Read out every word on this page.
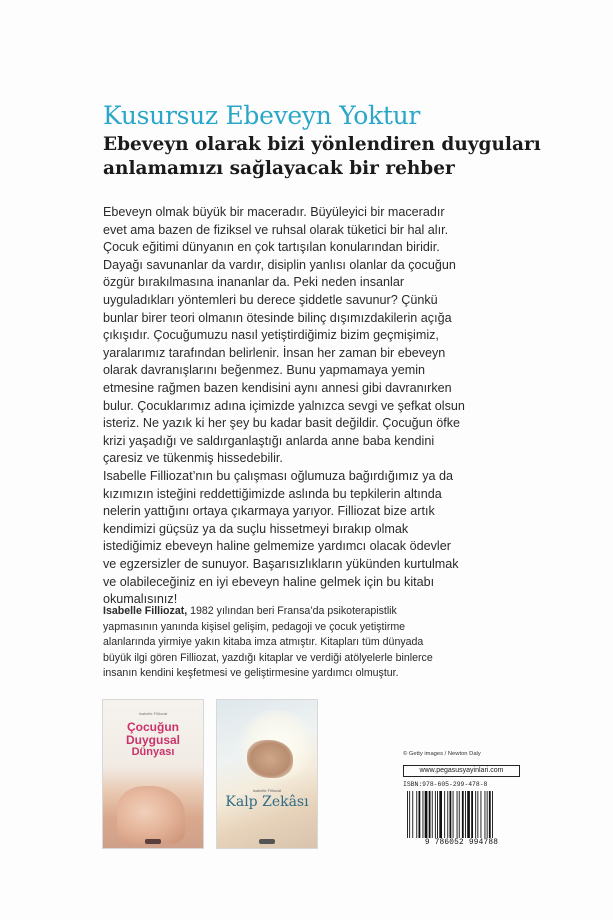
Kusursuz Ebeveyn Yoktur
Ebeveyn olarak bizi yönlendiren duyguları
anlamamızı sağlayacak bir rehber
Ebeveyn olmak büyük bir maceradır. Büyüleyici bir maceradır
evet ama bazen de fiziksel ve ruhsal olarak tüketici bir hal alır.
Çocuk eğitimi dünyanın en çok tartışılan konularından biridir.
Dayağı savunanlar da vardır, disiplin yanlısı olanlar da çocuğun
özgür bırakılmasına inananlar da. Peki neden insanlar
uyguladıkları yöntemleri bu derece şiddetle savunur? Çünkü
bunlar birer teori olmanın ötesinde bilinç dışımızdakilerin açığa
çıkışıdır. Çocuğumuzu nasıl yetiştirdiğimiz bizim geçmişimiz,
yaralarımız tarafından belirlenir. İnsan her zaman bir ebeveyn
olarak davranışlarını beğenmez. Bunu yapmamaya yemin
etmesine rağmen bazen kendisini aynı annesi gibi davranırken
bulur. Çocuklarımız adına içimizde yalnızca sevgi ve şefkat olsun
isteriz. Ne yazık ki her şey bu kadar basit değildir. Çocuğun öfke
krizi yaşadığı ve saldırganlaştığı anlarda anne baba kendini
çaresiz ve tükenmiş hissedebilir.
Isabelle Filliozat’nın bu çalışması oğlumuza bağırdığımız ya da
kızımızın isteğini reddettiğimizde aslında bu tepkilerin altında
nelerin yattığını ortaya çıkarmaya yarıyor. Filliozat bize artık
kendimizi güçsüz ya da suçlu hissetmeyi bırakıp olmak
istediğimiz ebeveyn haline gelmemize yardımcı olacak ödevler
ve egzersizler de sunuyor. Başarısızlıkların yükünden kurtulmak
ve olabileceğiniz en iyi ebeveyn haline gelmek için bu kitabı
okumalısınız!
Isabelle Filliozat, 1982 yılından beri Fransa’da psikoterapistlik
yapmasının yanında kişisel gelişim, pedagoji ve çocuk yetiştirme
alanlarında yirmiye yakın kitaba imza atmıştır. Kitapları tüm dünyada
büyük ilgi gören Filliozat, yazdığı kitaplar ve verdiği atölyelerle binlerce
insanın kendini keşfetmesi ve geliştirmesine yardımcı olmuştur.
Isabelle Filliozat
Çocuğun
Duygusal
Dünyası
Isabelle Filliozat
Kalp Zekâsı
© Getty images / Newton Daly
www.pegasusyayinlari.com
ISBN:978-605-299-478-8
9 786052 994788
